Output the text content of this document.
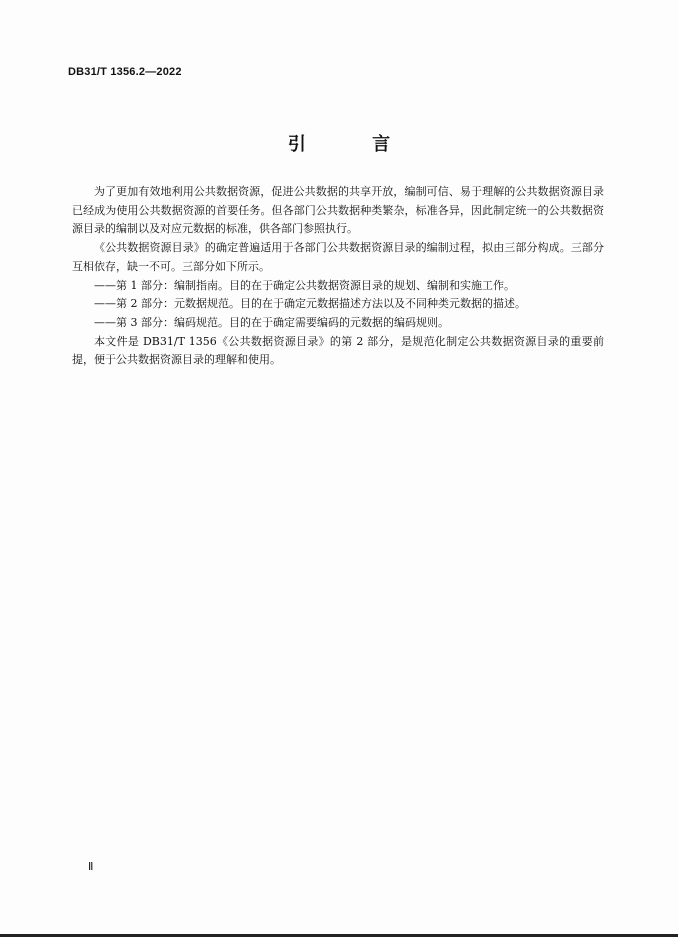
DB31/T 1356.2—2022
引 言

为了更加有效地利用公共数据资源，促进公共数据的共享开放，编制可信、易于理解的公共数据资源目录已经成为使用公共数据资源的首要任务。但各部门公共数据种类繁杂，标准各异，因此制定统一的公共数据资源目录的编制以及对应元数据的标准，供各部门参照执行。

《公共数据资源目录》的确定普遍适用于各部门公共数据资源目录的编制过程，拟由三部分构成。三部分互相依存，缺一不可。三部分如下所示。

——第 1 部分：编制指南。目的在于确定公共数据资源目录的规划、编制和实施工作。

——第 2 部分：元数据规范。目的在于确定元数据描述方法以及不同种类元数据的描述。

——第 3 部分：编码规范。目的在于确定需要编码的元数据的编码规则。

本文件是 DB31/T 1356《公共数据资源目录》的第 2 部分，是规范化制定公共数据资源目录的重要前提，便于公共数据资源目录的理解和使用。

Ⅱ
